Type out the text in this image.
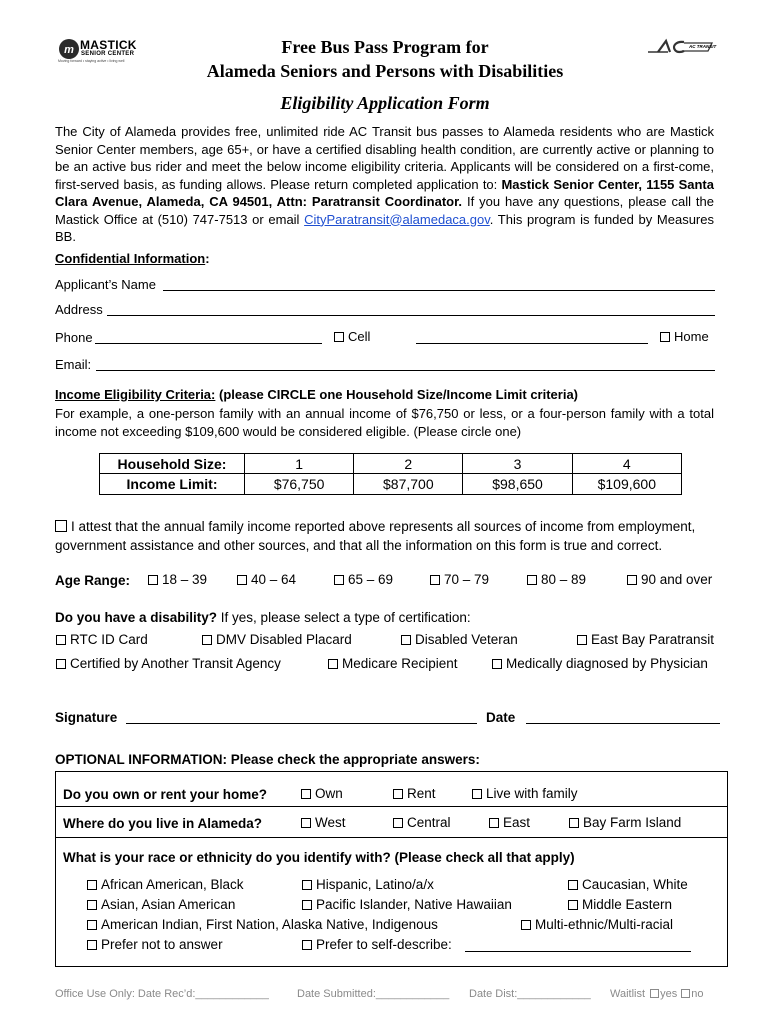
m MASTICK
SENIOR CENTER
Moving forward • staying active • living well
AC TRANSIT
Free Bus Pass Program for
Alameda Seniors and Persons with Disabilities
Eligibility Application Form
The City of Alameda provides free, unlimited ride AC Transit bus passes to Alameda residents who are Mastick Senior Center members, age 65+, or have a certified disabling health condition, are currently active or planning to be an active bus rider and meet the below income eligibility criteria. Applicants will be considered on a first-come, first-served basis, as funding allows. Please return completed application to: Mastick Senior Center, 1155 Santa Clara Avenue, Alameda, CA 94501, Attn: Paratransit Coordinator. If you have any questions, please call the Mastick Office at (510) 747-7513 or email CityParatransit@alamedaca.gov. This program is funded by Measures BB.
Confidential Information:
Applicant’s Name
Address
Phone	Cell	Home
Email:
Income Eligibility Criteria: (please CIRCLE one Household Size/Income Limit criteria)
For example, a one-person family with an annual income of $76,750 or less, or a four-person family with a total income not exceeding $109,600 would be considered eligible. (Please circle one)
Household Size:	1	2	3	4
Income Limit:	$76,750	$87,700	$98,650	$109,600
I attest that the annual family income reported above represents all sources of income from employment, government assistance and other sources, and that all the information on this form is true and correct.
Age Range:	18 – 39	40 – 64	65 – 69	70 – 79	80 – 89	90 and over
Do you have a disability? If yes, please select a type of certification:
RTC ID Card	DMV Disabled Placard	Disabled Veteran	East Bay Paratransit
Certified by Another Transit Agency	Medicare Recipient	Medically diagnosed by Physician
Signature	Date
OPTIONAL INFORMATION: Please check the appropriate answers:
Do you own or rent your home?	Own	Rent	Live with family
Where do you live in Alameda?	West	Central	East	Bay Farm Island
What is your race or ethnicity do you identify with? (Please check all that apply)
African American, Black	Hispanic, Latino/a/x	Caucasian, White
Asian, Asian American	Pacific Islander, Native Hawaiian	Middle Eastern
American Indian, First Nation, Alaska Native, Indigenous	Multi-ethnic/Multi-racial
Prefer not to answer	Prefer to self-describe:
Office Use Only: Date Rec’d:____________	Date Submitted:____________ Date Dist:____________ Waitlist yes no
